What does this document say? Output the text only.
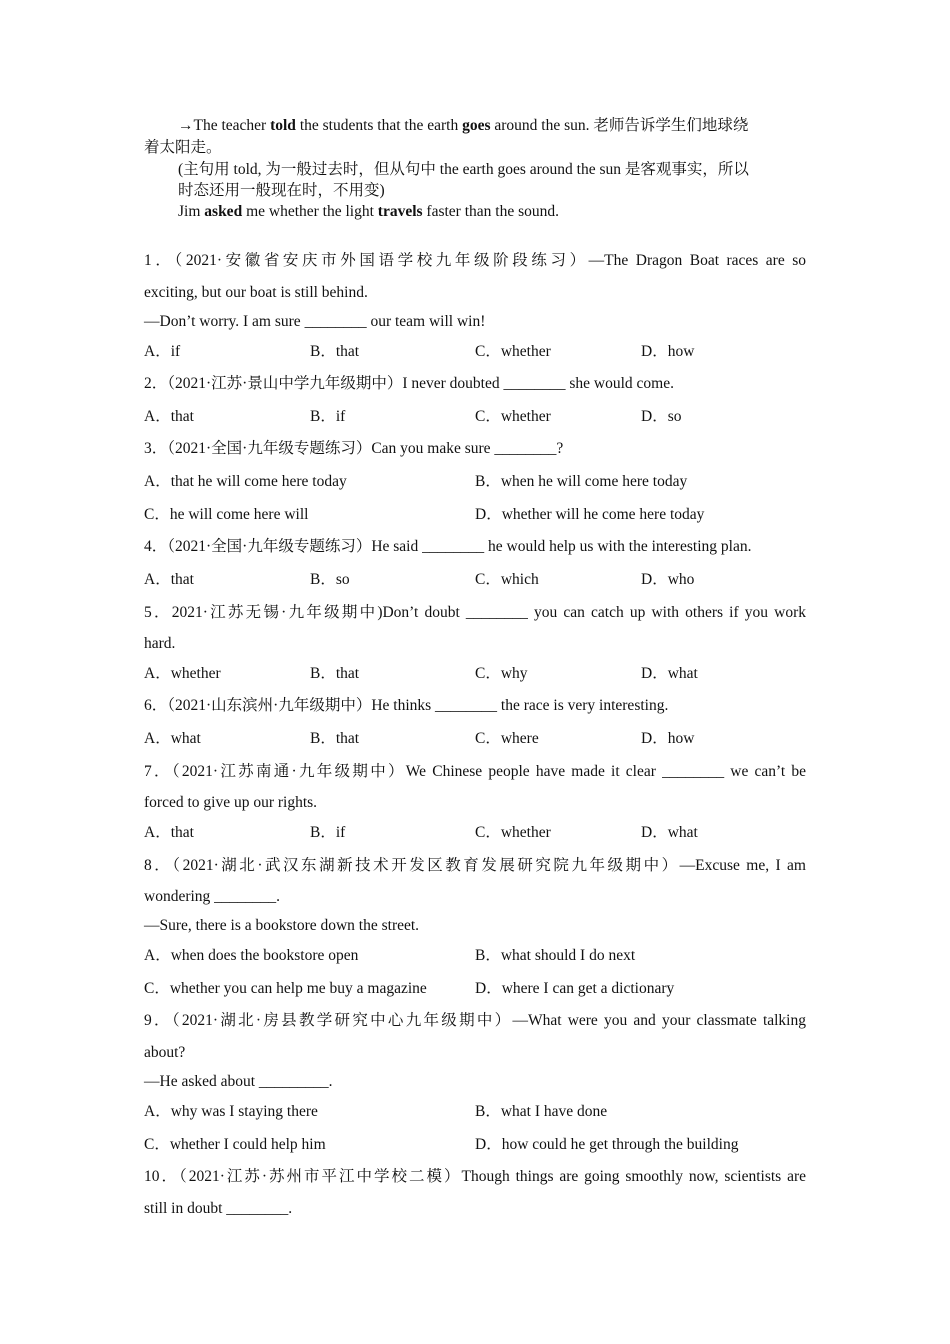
→The teacher told the students that the earth goes around the sun. 老师告诉学生们地球绕
着太阳走。
(主句用 told, 为一般过去时，但从句中 the earth goes around the sun 是客观事实，所以
时态还用一般现在时，不用变)
Jim asked me whether the light travels faster than the sound.
1．（2021·安徽省安庆市外国语学校九年级阶段练习）—The Dragon Boat races are so
exciting, but our boat is still behind.
—Don’t worry. I am sure ________ our team will win!
A．if	B．that	C．whether	D．how
2．（2021·江苏·景山中学九年级期中）I never doubted ________ she would come.
A．that	B．if	C．whether	D．so
3．（2021·全国·九年级专题练习）Can you make sure ________?
A．that he will come here today	B．when he will come here today
C．he will come here will	D．whether will he come here today
4．（2021·全国·九年级专题练习）He said ________ he would help us with the interesting plan.
A．that	B．so	C．which	D．who
5．2021·江苏无锡·九年级期中)Don’t doubt ________ you can catch up with others if you work
hard.
A．whether	B．that	C．why	D．what
6．（2021·山东滨州·九年级期中）He thinks ________ the race is very interesting.
A．what	B．that	C．where	D．how
7．（2021·江苏南通·九年级期中）We Chinese people have made it clear ________ we can’t be
forced to give up our rights.
A．that	B．if	C．whether	D．what
8．（2021·湖北·武汉东湖新技术开发区教育发展研究院九年级期中）—Excuse me, I am
wondering ________.
—Sure, there is a bookstore down the street.
A．when does the bookstore open	B．what should I do next
C．whether you can help me buy a magazine	D．where I can get a dictionary
9．（2021·湖北·房县教学研究中心九年级期中）—What were you and your classmate talking
about?
—He asked about _________.
A．why was I staying there	B．what I have done
C．whether I could help him	D．how could he get through the building
10．（2021·江苏·苏州市平江中学校二模）Though things are going smoothly now, scientists are
still in doubt ________.
